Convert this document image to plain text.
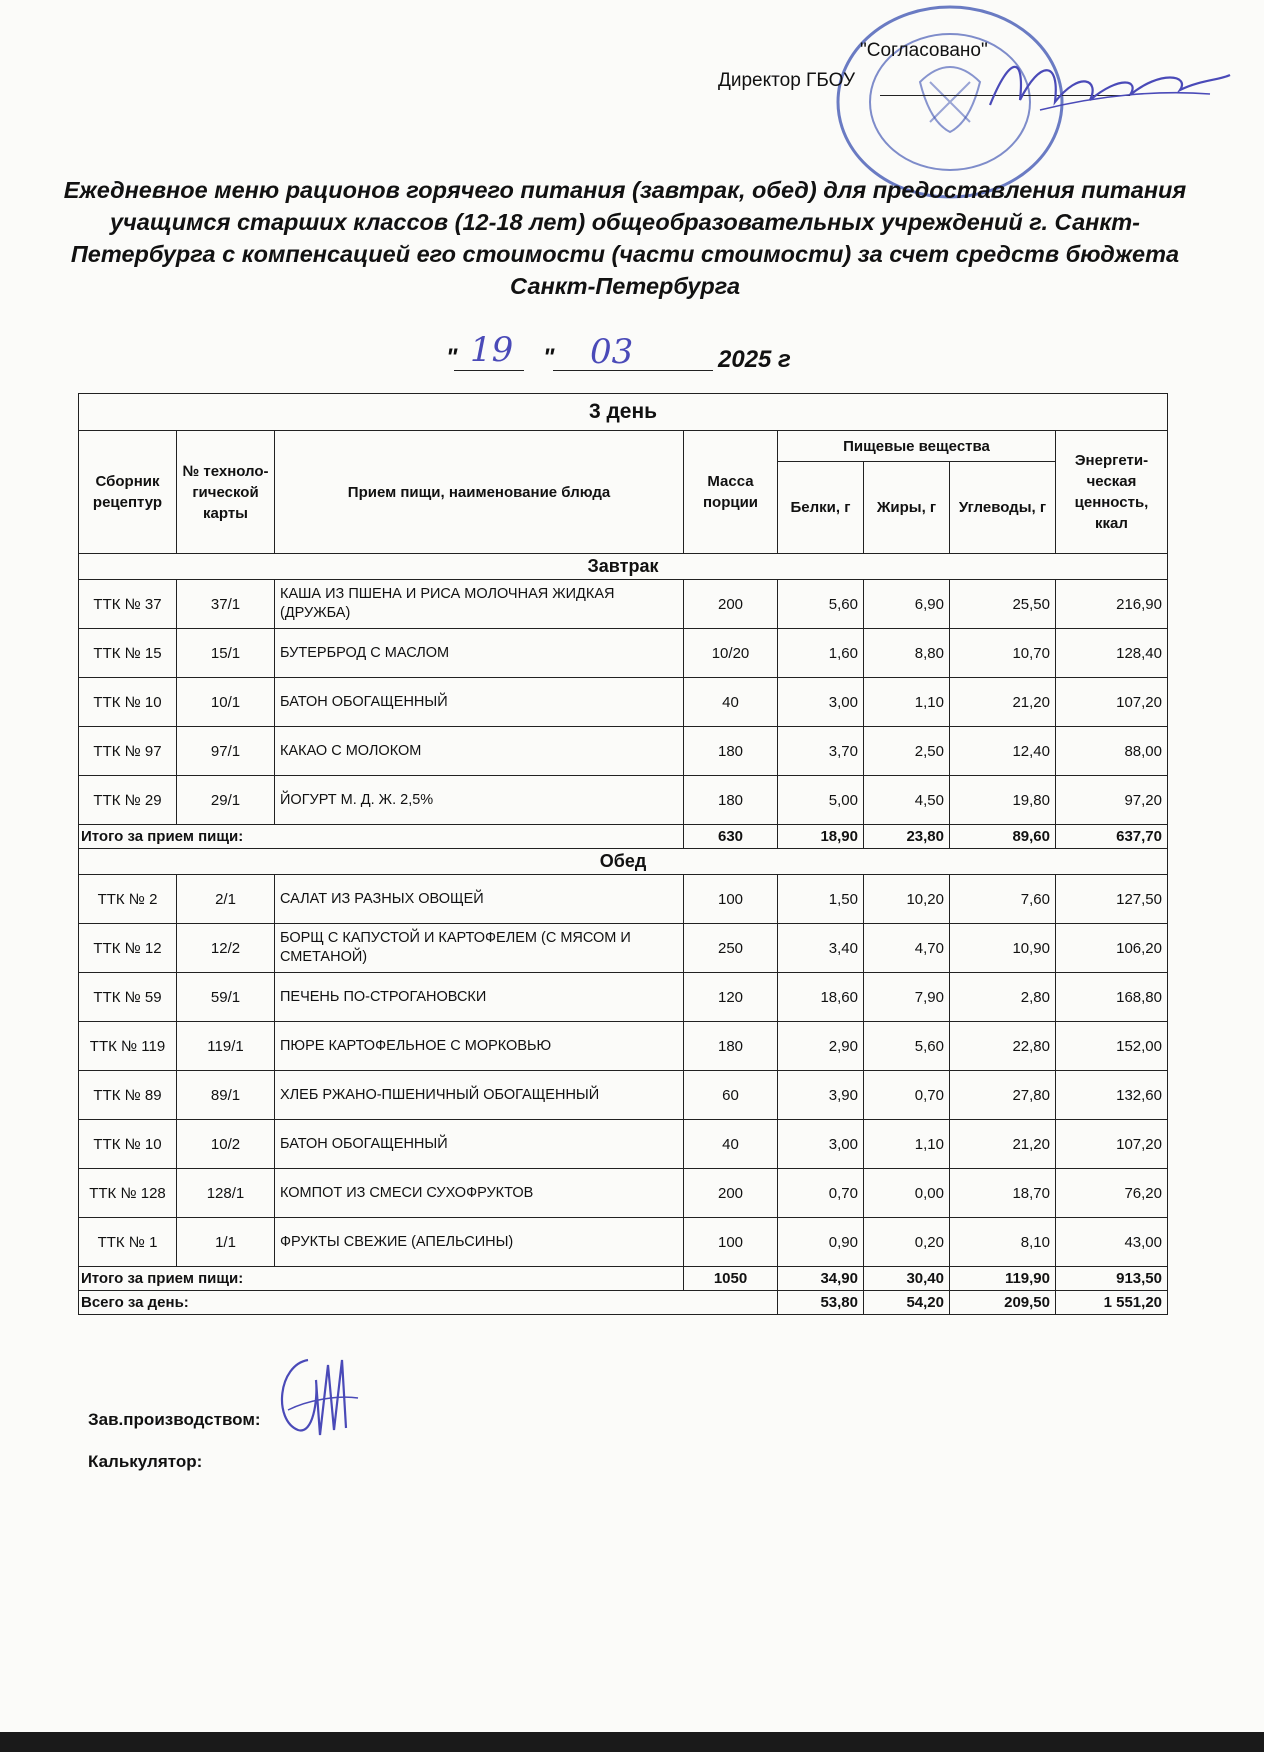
"Согласовано"
Директор ГБОУ
Ежедневное меню рационов горячего питания (завтрак, обед) для предоставления питания учащимся старших классов (12-18 лет) общеобразовательных учреждений г. Санкт-Петербурга с компенсацией его стоимости (части стоимости) за счет средств бюджета Санкт-Петербурга
" 19 " 03	2025 г
3 день							
Сборник рецептур	№ техноло-гической карты	Прием пищи, наименование блюда	Масса порции	Пищевые вещества			Энергети-ческая ценность, ккал
				Белки, г	Жиры, г	Углеводы, г	
Завтрак							
ТТК № 37	37/1	КАША ИЗ ПШЕНА И РИСА МОЛОЧНАЯ ЖИДКАЯ (ДРУЖБА)	200	5,60	6,90	25,50	216,90
ТТК № 15	15/1	БУТЕРБРОД С МАСЛОМ	10/20	1,60	8,80	10,70	128,40
ТТК № 10	10/1	БАТОН ОБОГАЩЕННЫЙ	40	3,00	1,10	21,20	107,20
ТТК № 97	97/1	КАКАО С МОЛОКОМ	180	3,70	2,50	12,40	88,00
ТТК № 29	29/1	ЙОГУРТ М. Д. Ж. 2,5%	180	5,00	4,50	19,80	97,20
Итого за прием пищи:			630	18,90	23,80	89,60	637,70
Обед							
ТТК № 2	2/1	САЛАТ ИЗ РАЗНЫХ ОВОЩЕЙ	100	1,50	10,20	7,60	127,50
ТТК № 12	12/2	БОРЩ С КАПУСТОЙ И КАРТОФЕЛЕМ (С МЯСОМ И СМЕТАНОЙ)	250	3,40	4,70	10,90	106,20
ТТК № 59	59/1	ПЕЧЕНЬ ПО-СТРОГАНОВСКИ	120	18,60	7,90	2,80	168,80
ТТК № 119	119/1	ПЮРЕ КАРТОФЕЛЬНОЕ С МОРКОВЬЮ	180	2,90	5,60	22,80	152,00
ТТК № 89	89/1	ХЛЕБ РЖАНО-ПШЕНИЧНЫЙ ОБОГАЩЕННЫЙ	60	3,90	0,70	27,80	132,60
ТТК № 10	10/2	БАТОН ОБОГАЩЕННЫЙ	40	3,00	1,10	21,20	107,20
ТТК № 128	128/1	КОМПОТ ИЗ СМЕСИ СУХОФРУКТОВ	200	0,70	0,00	18,70	76,20
ТТК № 1	1/1	ФРУКТЫ СВЕЖИЕ (АПЕЛЬСИНЫ)	100	0,90	0,20	8,10	43,00
Итого за прием пищи:			1050	34,90	30,40	119,90	913,50
Всего за день:				53,80	54,20	209,50	1 551,20
Зав.производством:
Калькулятор:
